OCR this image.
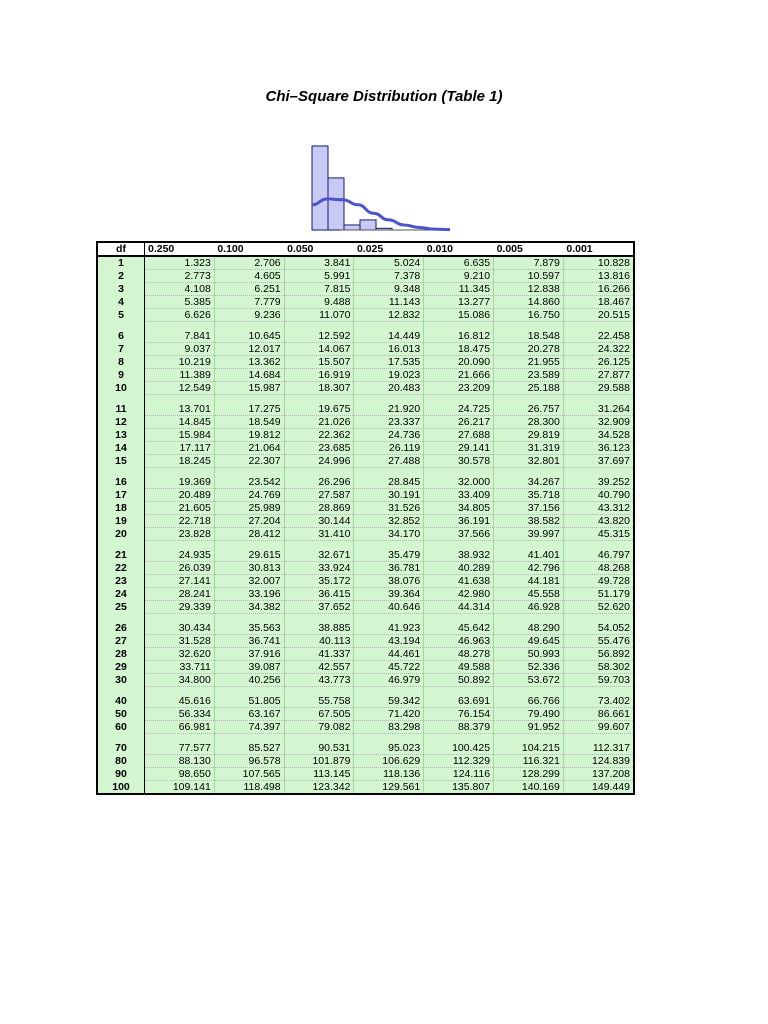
Chi–Square Distribution (Table 1)
df	0.250	0.100	0.050	0.025	0.010	0.005	0.001
1	1.323	2.706	3.841	5.024	6.635	7.879	10.828
2	2.773	4.605	5.991	7.378	9.210	10.597	13.816
3	4.108	6.251	7.815	9.348	11.345	12.838	16.266
4	5.385	7.779	9.488	11.143	13.277	14.860	18.467
5	6.626	9.236	11.070	12.832	15.086	16.750	20.515

6	7.841	10.645	12.592	14.449	16.812	18.548	22.458
7	9.037	12.017	14.067	16.013	18.475	20.278	24.322
8	10.219	13.362	15.507	17.535	20.090	21.955	26.125
9	11.389	14.684	16.919	19.023	21.666	23.589	27.877
10	12.549	15.987	18.307	20.483	23.209	25.188	29.588

11	13.701	17.275	19.675	21.920	24.725	26.757	31.264
12	14.845	18.549	21.026	23.337	26.217	28.300	32.909
13	15.984	19.812	22.362	24.736	27.688	29.819	34.528
14	17.117	21.064	23.685	26.119	29.141	31.319	36.123
15	18.245	22.307	24.996	27.488	30.578	32.801	37.697

16	19.369	23.542	26.296	28.845	32.000	34.267	39.252
17	20.489	24.769	27.587	30.191	33.409	35.718	40.790
18	21.605	25.989	28.869	31.526	34.805	37.156	43.312
19	22.718	27.204	30.144	32.852	36.191	38.582	43.820
20	23.828	28.412	31.410	34.170	37.566	39.997	45.315

21	24.935	29.615	32.671	35.479	38.932	41.401	46.797
22	26.039	30.813	33.924	36.781	40.289	42.796	48.268
23	27.141	32.007	35.172	38.076	41.638	44.181	49.728
24	28.241	33.196	36.415	39.364	42.980	45.558	51.179
25	29.339	34.382	37.652	40.646	44.314	46.928	52.620

26	30.434	35.563	38.885	41.923	45.642	48.290	54.052
27	31.528	36.741	40.113	43.194	46.963	49.645	55.476
28	32.620	37.916	41.337	44.461	48.278	50.993	56.892
29	33.711	39.087	42.557	45.722	49.588	52.336	58.302
30	34.800	40.256	43.773	46.979	50.892	53.672	59.703

40	45.616	51.805	55.758	59.342	63.691	66.766	73.402
50	56.334	63.167	67.505	71.420	76.154	79.490	86.661
60	66.981	74.397	79.082	83.298	88.379	91.952	99.607

70	77.577	85.527	90.531	95.023	100.425	104.215	112.317
80	88.130	96.578	101.879	106.629	112.329	116.321	124.839
90	98.650	107.565	113.145	118.136	124.116	128.299	137.208
100	109.141	118.498	123.342	129.561	135.807	140.169	149.449
